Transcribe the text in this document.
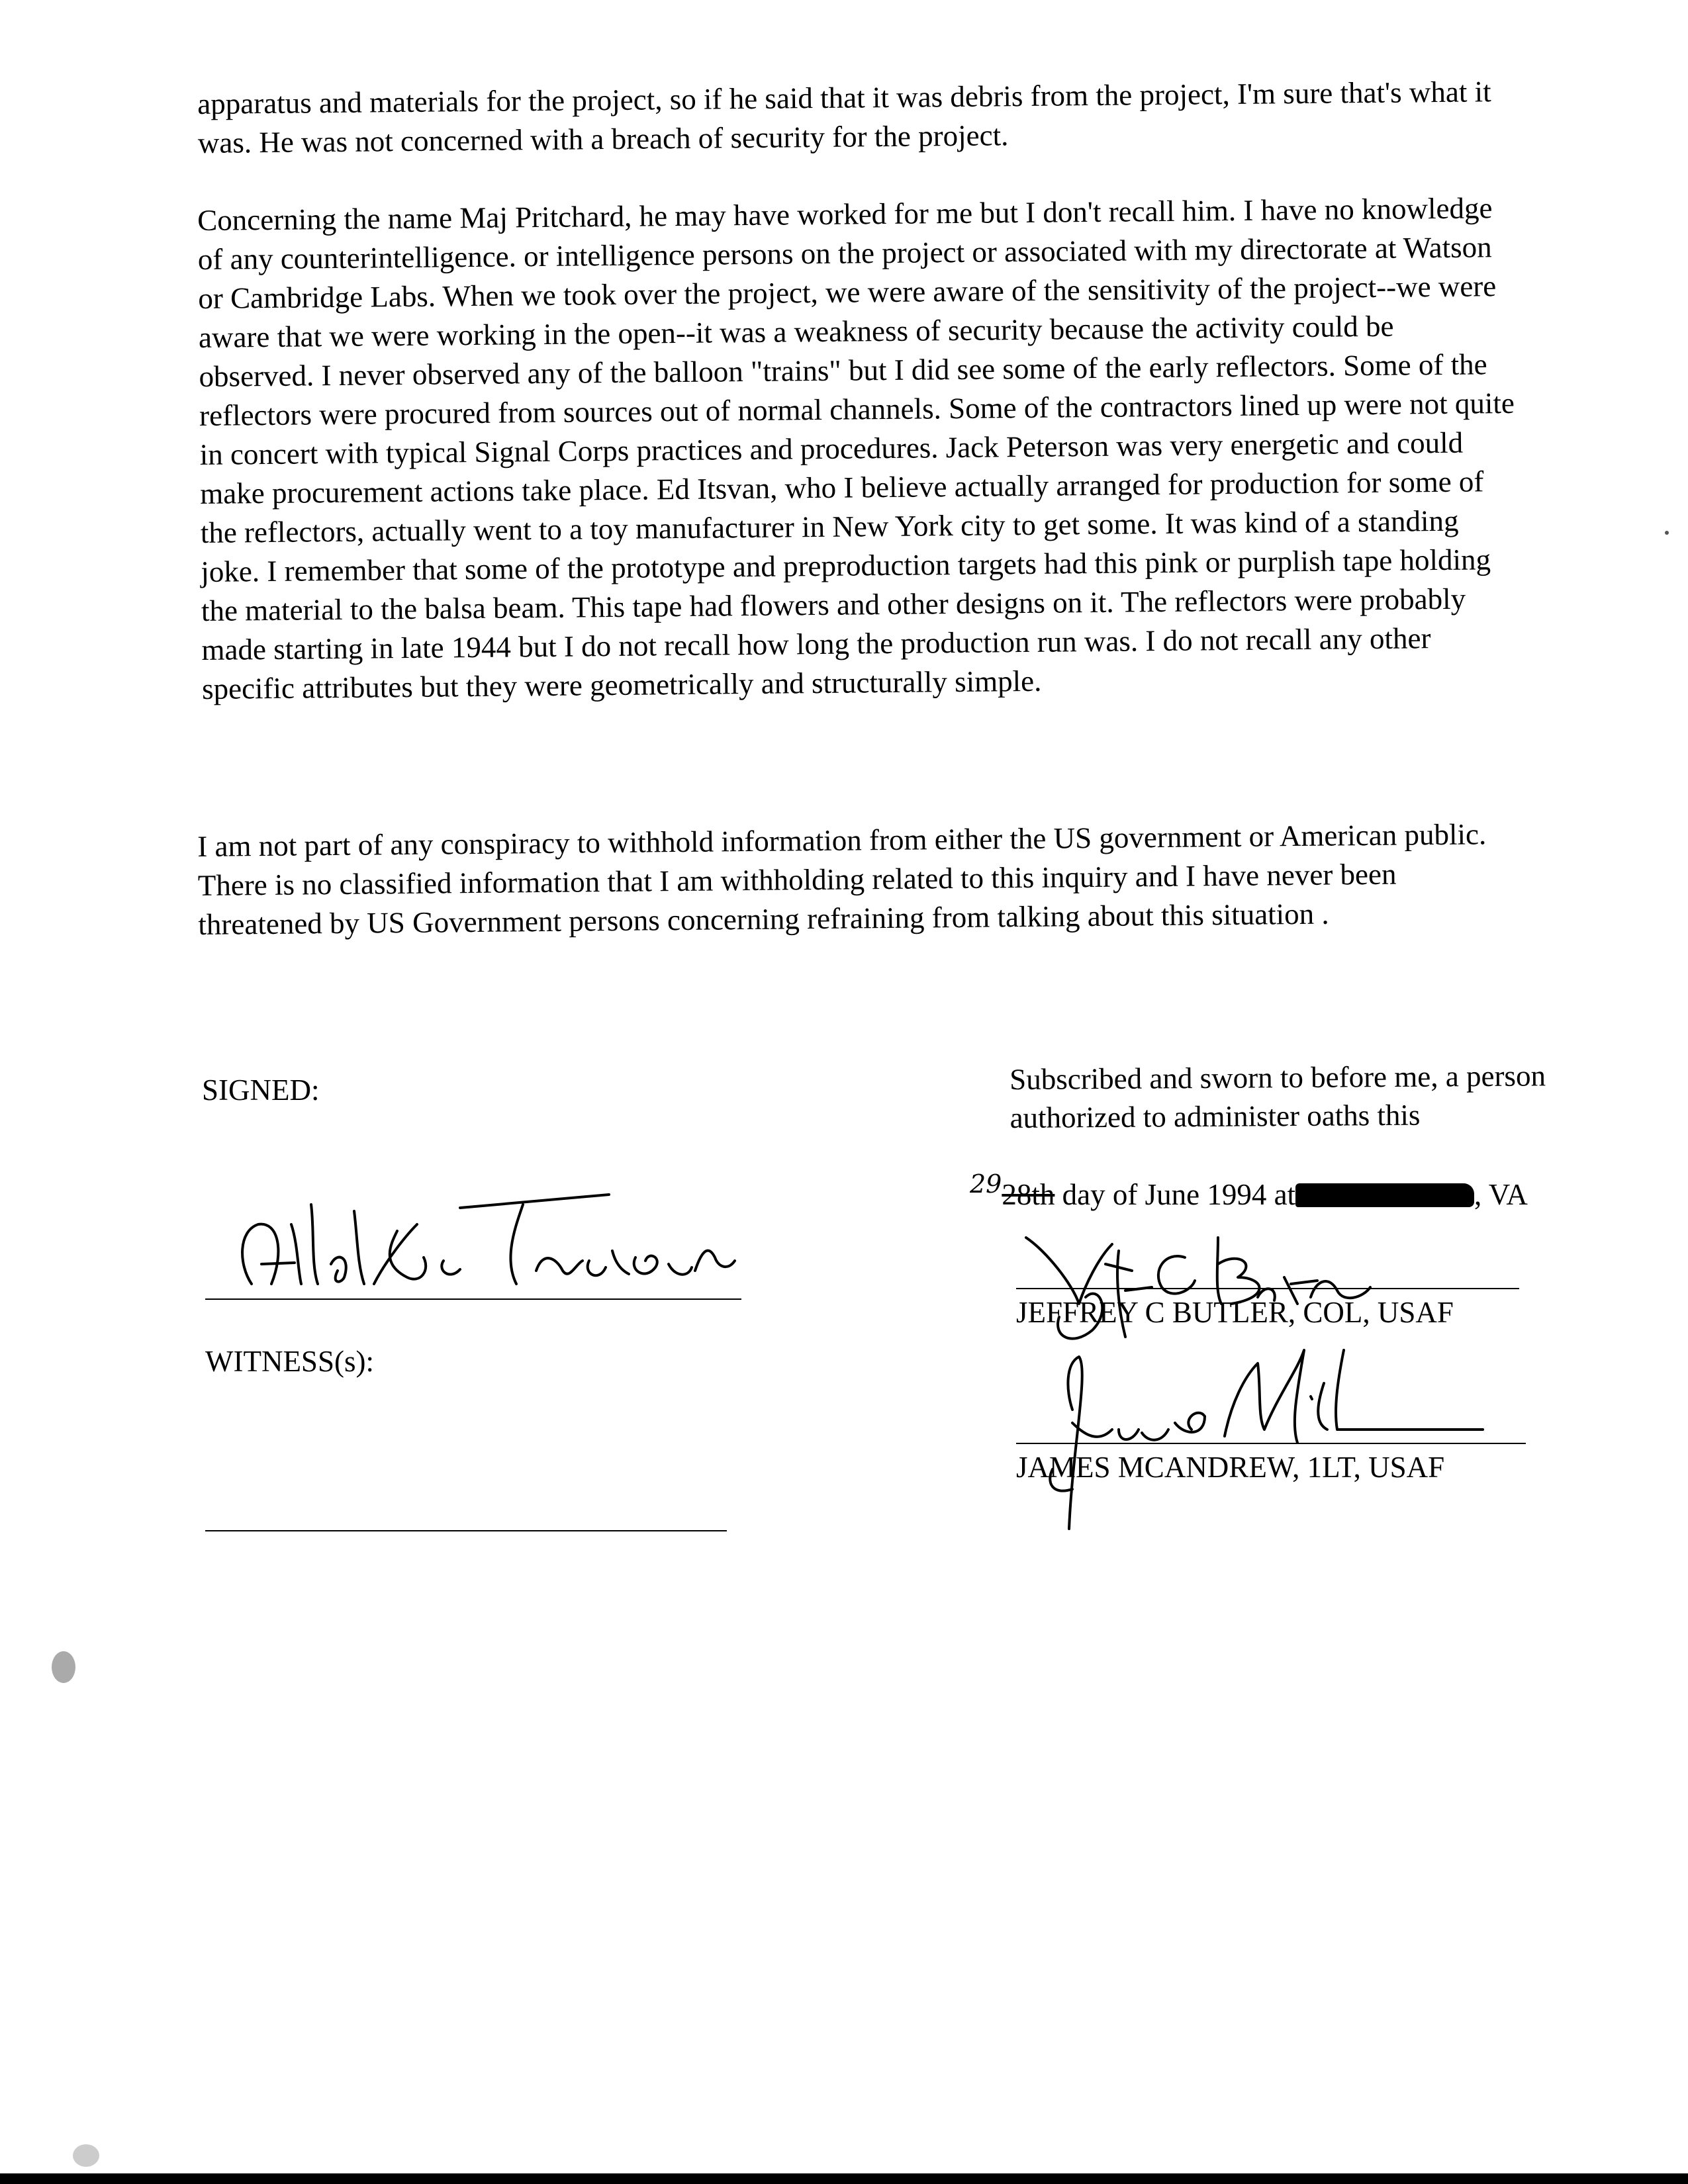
apparatus and materials for the project, so if he said that it was debris from the project, I'm sure that's what it was. He was not concerned with a breach of security for the project.

Concerning the name Maj Pritchard, he may have worked for me but I don't recall him. I have no knowledge of any counterintelligence. or intelligence persons on the project or associated with my directorate at Watson or Cambridge Labs. When we took over the project, we were aware of the sensitivity of the project--we were aware that we were working in the open--it was a weakness of security because the activity could be observed. I never observed any of the balloon "trains" but I did see some of the early reflectors. Some of the reflectors were procured from sources out of normal channels. Some of the contractors lined up were not quite in concert with typical Signal Corps practices and procedures. Jack Peterson was very energetic and could make procurement actions take place. Ed Itsvan, who I believe actually arranged for production for some of the reflectors, actually went to a toy manufacturer in New York city to get some. It was kind of a standing joke. I remember that some of the prototype and preproduction targets had this pink or purplish tape holding the material to the balsa beam. This tape had flowers and other designs on it. The reflectors were probably made starting in late 1944 but I do not recall how long the production run was. I do not recall any other specific attributes but they were geometrically and structurally simple.

I am not part of any conspiracy to withhold information from either the US government or American public. There is no classified information that I am withholding related to this inquiry and I have never been threatened by US Government persons concerning refraining from talking about this situation .

SIGNED:
WITNESS(s):

Subscribed and sworn to before me, a person authorized to administer oaths this

$^{29}$28th day of June 1994 at	, VA
JEFFREY C BUTLER, COL, USAF
JAMES MCANDREW, 1LT, USAF
